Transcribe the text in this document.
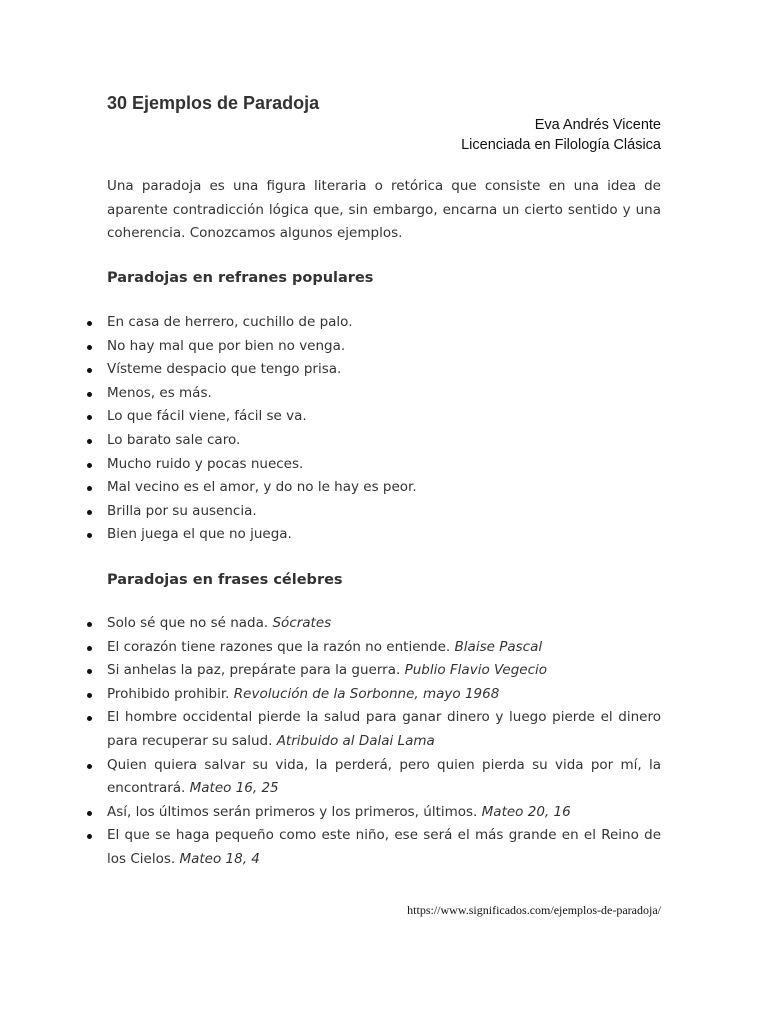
30 Ejemplos de Paradoja
Eva Andrés Vicente
Licenciada en Filología Clásica

Una paradoja es una figura literaria o retórica que consiste en una idea de aparente contradicción lógica que, sin embargo, encarna un cierto sentido y una coherencia. Conozcamos algunos ejemplos.

Paradojas en refranes populares
En casa de herrero, cuchillo de palo.
No hay mal que por bien no venga.
Vísteme despacio que tengo prisa.
Menos, es más.
Lo que fácil viene, fácil se va.
Lo barato sale caro.
Mucho ruido y pocas nueces.
Mal vecino es el amor, y do no le hay es peor.
Brilla por su ausencia.
Bien juega el que no juega.
Paradojas en frases célebres
Solo sé que no sé nada. Sócrates
El corazón tiene razones que la razón no entiende. Blaise Pascal
Si anhelas la paz, prepárate para la guerra. Publio Flavio Vegecio
Prohibido prohibir. Revolución de la Sorbonne, mayo 1968
El hombre occidental pierde la salud para ganar dinero y luego pierde el dinero para recuperar su salud. Atribuido al Dalai Lama
Quien quiera salvar su vida, la perderá, pero quien pierda su vida por mí, la encontrará. Mateo 16, 25
Así, los últimos serán primeros y los primeros, últimos. Mateo 20, 16
El que se haga pequeño como este niño, ese será el más grande en el Reino de los Cielos. Mateo 18, 4
https://www.significados.com/ejemplos-de-paradoja/
